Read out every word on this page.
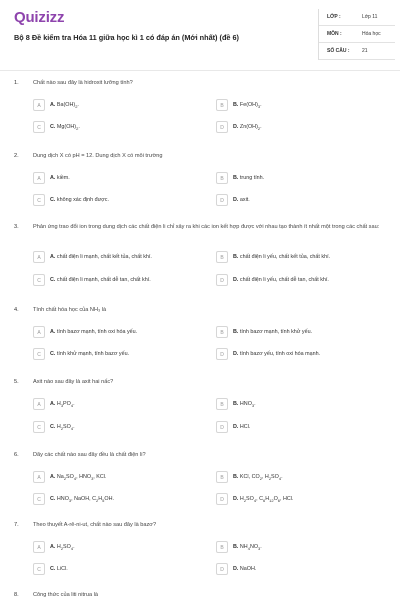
Quizizz
Bộ 8 Đề kiểm tra Hóa 11 giữa học kì 1 có đáp án (Mới nhất) (đề 6)
LỚP :	Lớp 11
MÔN :	Hóa học
SỐ CÂU :	21
1.	Chất nào sau đây là hidroxit lưỡng tính?
A	A. $Ba(OH)_2$.	B	B. $Fe(OH)_3$.
C	C. $Mg(OH)_2$.	D	D. $Zn(OH)_2$.
2.	Dung dịch X có pH = 12. Dung dịch X có môi trường
A	A. kiềm.	B	B. trung tính.
C	C. không xác định được.	D	D. axit.
3.	Phản ứng trao đổi ion trong dung dịch các chất điện li chỉ xảy ra khi các ion kết hợp được với nhau tạo thành ít nhất một trong các chất sau:
A	A. chất điện li mạnh, chất kết tủa, chất khí.	B	B. chất điện li yếu, chất kết tủa, chất khí.
C	C. chất điện li mạnh, chất dễ tan, chất khí.	D	D. chất điện li yếu, chất dễ tan, chất khí.
4.	Tính chất hóa học của NH₃ là
A	A. tính bazơ mạnh, tính oxi hóa yếu.	B	B. tính bazơ mạnh, tính khử yếu.
C	C. tính khử mạnh, tính bazơ yếu.	D	D. tính bazơ yếu, tính oxi hóa mạnh.
5.	Axit nào sau đây là axit hai nấc?
A	A. $H_3PO_4$.	B	B. $HNO_3$.
C	C. $H_2SO_4$.	D	D. HCl.
6.	Dãy các chất nào sau đây đều là chất điện li?
A	A. $Na_2SO_4$, $HNO_3$, KCl.	B	B. KCl, $CO_2$, $H_2SO_4$.
C	C. $HNO_3$, NaOH, $C_2H_5OH$.	D	D. $H_2SO_4$, $C_6H_{12}O_6$, HCl.
7.	Theo thuyết A-rê-ni-ut, chất nào sau đây là bazơ?
A	A. $H_2SO_4$.	B	B. $NH_4NO_3$.
C	C. LiCl.	D	D. NaOH.
8.	Công thức của liti nitrua là
